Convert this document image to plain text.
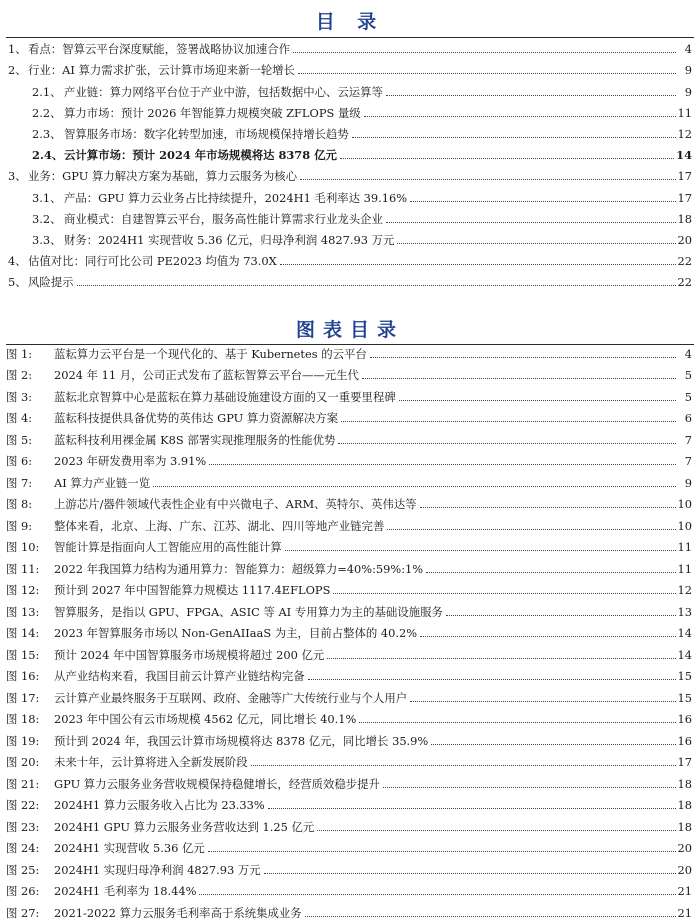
目 录
1、 看点：智算云平台深度赋能，签署战略协议加速合作	4
2、 行业：AI 算力需求扩张，云计算市场迎来新一轮增长	9
2.1、 产业链：算力网络平台位于产业中游，包括数据中心、云运算等	9
2.2、 算力市场：预计 2026 年智能算力规模突破 ZFLOPS 量级	11
2.3、 智算服务市场：数字化转型加速，市场规模保持增长趋势	12
2.4、 云计算市场：预计 2024 年市场规模将达 8378 亿元	14
3、 业务：GPU 算力解决方案为基础，算力云服务为核心	17
3.1、 产品：GPU 算力云业务占比持续提升，2024H1 毛利率达 39.16%	17
3.2、 商业模式：自建智算云平台，服务高性能计算需求行业龙头企业	18
3.3、 财务：2024H1 实现营收 5.36 亿元，归母净利润 4827.93 万元	20
4、 估值对比：同行可比公司 PE2023 均值为 73.0X	22
5、 风险提示	22
图表目录
图 1:	蓝耘算力云平台是一个现代化的、基于 Kubernetes 的云平台	4
图 2:	2024 年 11 月，公司正式发布了蓝耘智算云平台——元生代	5
图 3:	蓝耘北京智算中心是蓝耘在算力基础设施建设方面的又一重要里程碑	5
图 4:	蓝耘科技提供具备优势的英伟达 GPU 算力资源解决方案	6
图 5:	蓝耘科技利用裸金属 K8S 部署实现推理服务的性能优势	7
图 6:	2023 年研发费用率为 3.91%	7
图 7:	AI 算力产业链一览	9
图 8:	上游芯片/器件领域代表性企业有中兴微电子、ARM、英特尔、英伟达等	10
图 9:	整体来看，北京、上海、广东、江苏、湖北、四川等地产业链完善	10
图 10:	智能计算是指面向人工智能应用的高性能计算	11
图 11:	2022 年我国算力结构为通用算力：智能算力：超级算力=40%:59%:1%	11
图 12:	预计到 2027 年中国智能算力规模达 1117.4EFLOPS	12
图 13:	智算服务，是指以 GPU、FPGA、ASIC 等 AI 专用算力为主的基础设施服务	13
图 14:	2023 年智算服务市场以 Non-GenAIIaaS 为主，目前占整体的 40.2%	14
图 15:	预计 2024 年中国智算服务市场规模将超过 200 亿元	14
图 16:	从产业结构来看，我国目前云计算产业链结构完备	15
图 17:	云计算产业最终服务于互联网、政府、金融等广大传统行业与个人用户	15
图 18:	2023 年中国公有云市场规模 4562 亿元，同比增长 40.1%	16
图 19:	预计到 2024 年，我国云计算市场规模将达 8378 亿元，同比增长 35.9%	16
图 20:	未来十年，云计算将进入全新发展阶段	17
图 21:	GPU 算力云服务业务营收规模保持稳健增长，经营质效稳步提升	18
图 22:	2024H1 算力云服务收入占比为 23.33%	18
图 23:	2024H1 GPU 算力云服务业务营收达到 1.25 亿元	18
图 24:	2024H1 实现营收 5.36 亿元	20
图 25:	2024H1 实现归母净利润 4827.93 万元	20
图 26:	2024H1 毛利率为 18.44%	21
图 27:	2021-2022 算力云服务毛利率高于系统集成业务	21
